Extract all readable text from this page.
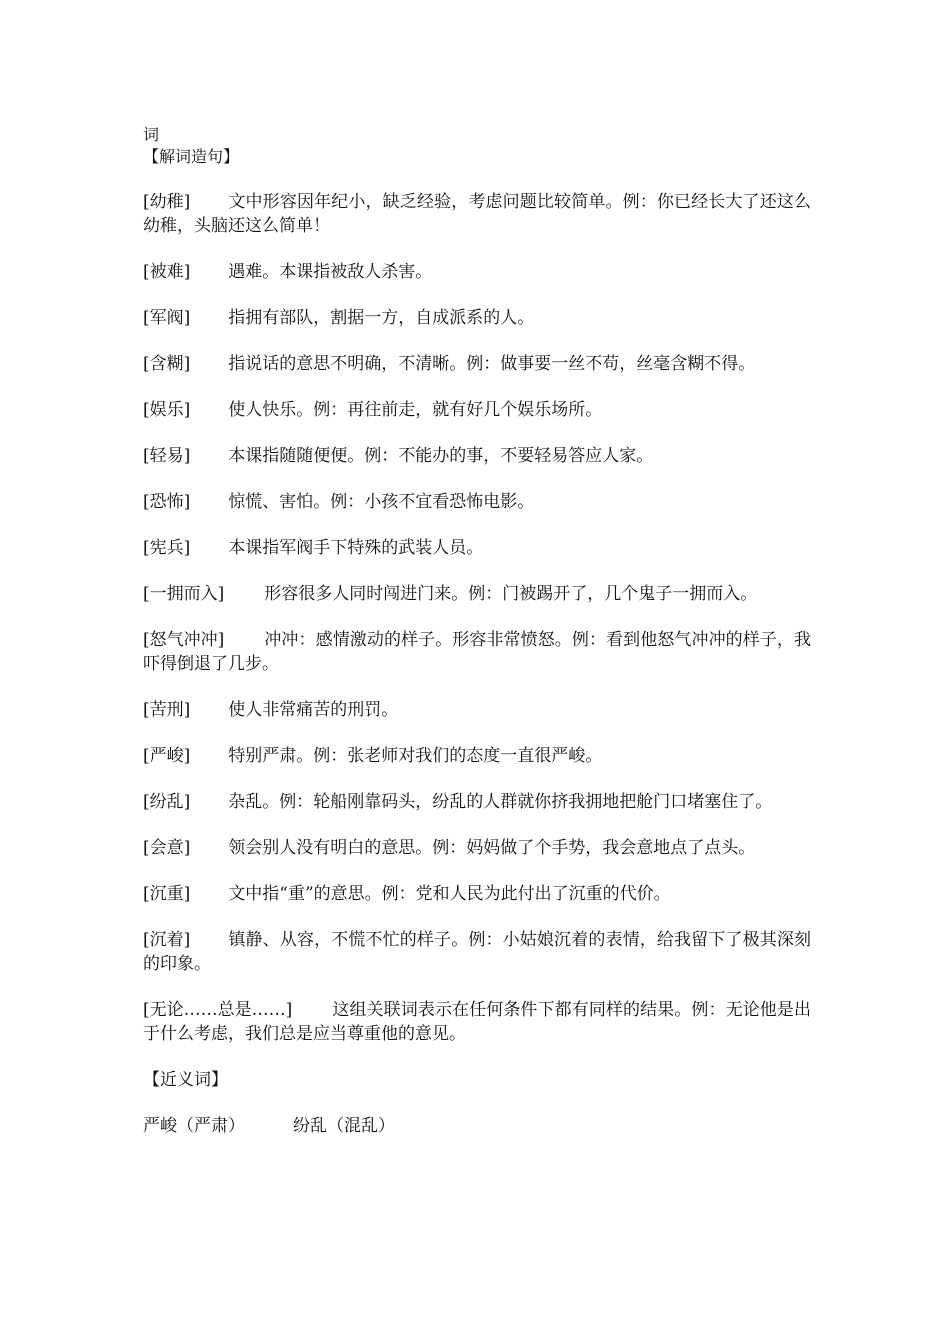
词
【解词造句】
[幼稚] 文中形容因年纪小，缺乏经验，考虑问题比较简单。例：你已经长大了还这么幼稚，头脑还这么简单！
[被难] 遇难。本课指被敌人杀害。
[军阀] 指拥有部队，割据一方，自成派系的人。
[含糊] 指说话的意思不明确，不清晰。例：做事要一丝不苟，丝毫含糊不得。
[娱乐] 使人快乐。例：再往前走，就有好几个娱乐场所。
[轻易] 本课指随随便便。例：不能办的事，不要轻易答应人家。
[恐怖] 惊慌、害怕。例：小孩不宜看恐怖电影。
[宪兵] 本课指军阀手下特殊的武装人员。
[一拥而入] 形容很多人同时闯进门来。例：门被踢开了，几个鬼子一拥而入。
[怒气冲冲] 冲冲：感情激动的样子。形容非常愤怒。例：看到他怒气冲冲的样子，我吓得倒退了几步。
[苦刑] 使人非常痛苦的刑罚。
[严峻] 特别严肃。例：张老师对我们的态度一直很严峻。
[纷乱] 杂乱。例：轮船刚靠码头，纷乱的人群就你挤我拥地把舱门口堵塞住了。
[会意] 领会别人没有明白的意思。例：妈妈做了个手势，我会意地点了点头。
[沉重] 文中指“重”的意思。例：党和人民为此付出了沉重的代价。
[沉着] 镇静、从容，不慌不忙的样子。例：小姑娘沉着的表情，给我留下了极其深刻的印象。
[无论……总是……] 这组关联词表示在任何条件下都有同样的结果。例：无论他是出于什么考虑，我们总是应当尊重他的意见。
【近义词】
严峻（严肃）	纷乱（混乱）
